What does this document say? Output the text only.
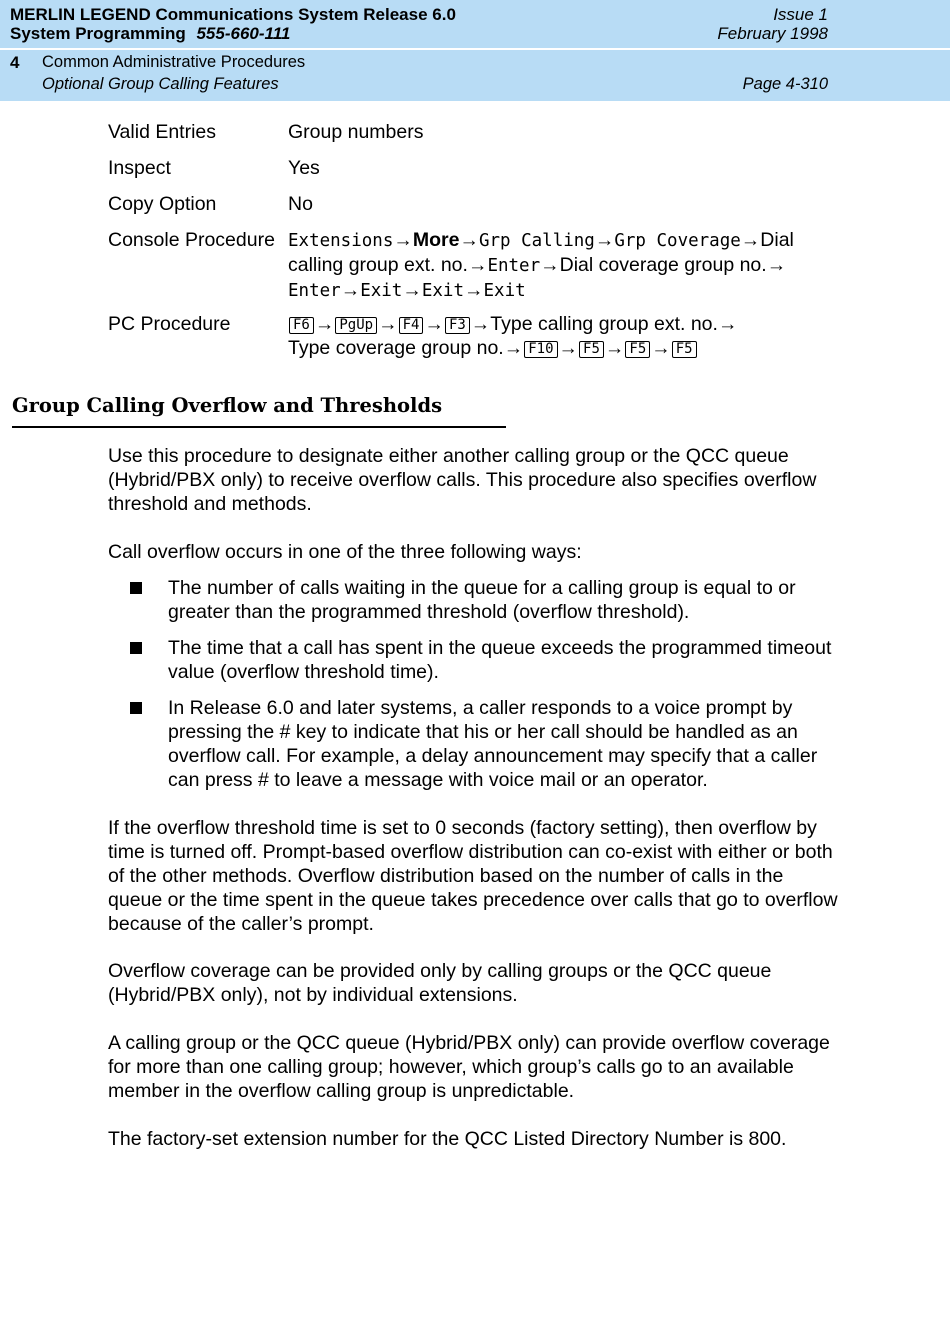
MERLIN LEGEND Communications System Release 6.0
System Programming 555-660-111
Issue 1
February 1998
4 Common Administrative Procedures
Optional Group Calling Features	Page 4-310
Valid Entries	Group numbers
Inspect	Yes
Copy Option	No
Console Procedure Extensions→More→Grp Calling→Grp Coverage→Dial
calling group ext. no.→Enter→Dial coverage group no.→
Enter→Exit→Exit→Exit
PC Procedure	F6 → PgUp → F4 → F3 →Type calling group ext. no.→
Type coverage group no.→ F10 → F5 → F5 → F5
Group Calling Overflow and Thresholds
Use this procedure to designate either another calling group or the QCC queue (Hybrid/PBX only) to receive overflow calls. This procedure also specifies overflow threshold and methods.
Call overflow occurs in one of the three following ways:
The number of calls waiting in the queue for a calling group is equal to or greater than the programmed threshold (overflow threshold).
The time that a call has spent in the queue exceeds the programmed timeout value (overflow threshold time).
In Release 6.0 and later systems, a caller responds to a voice prompt by pressing the # key to indicate that his or her call should be handled as an overflow call. For example, a delay announcement may specify that a caller can press # to leave a message with voice mail or an operator.
If the overflow threshold time is set to 0 seconds (factory setting), then overflow by time is turned off. Prompt-based overflow distribution can co-exist with either or both of the other methods. Overflow distribution based on the number of calls in the queue or the time spent in the queue takes precedence over calls that go to overflow because of the caller’s prompt.
Overflow coverage can be provided only by calling groups or the QCC queue (Hybrid/PBX only), not by individual extensions.
A calling group or the QCC queue (Hybrid/PBX only) can provide overflow coverage for more than one calling group; however, which group’s calls go to an available member in the overflow calling group is unpredictable.
The factory-set extension number for the QCC Listed Directory Number is 800.
